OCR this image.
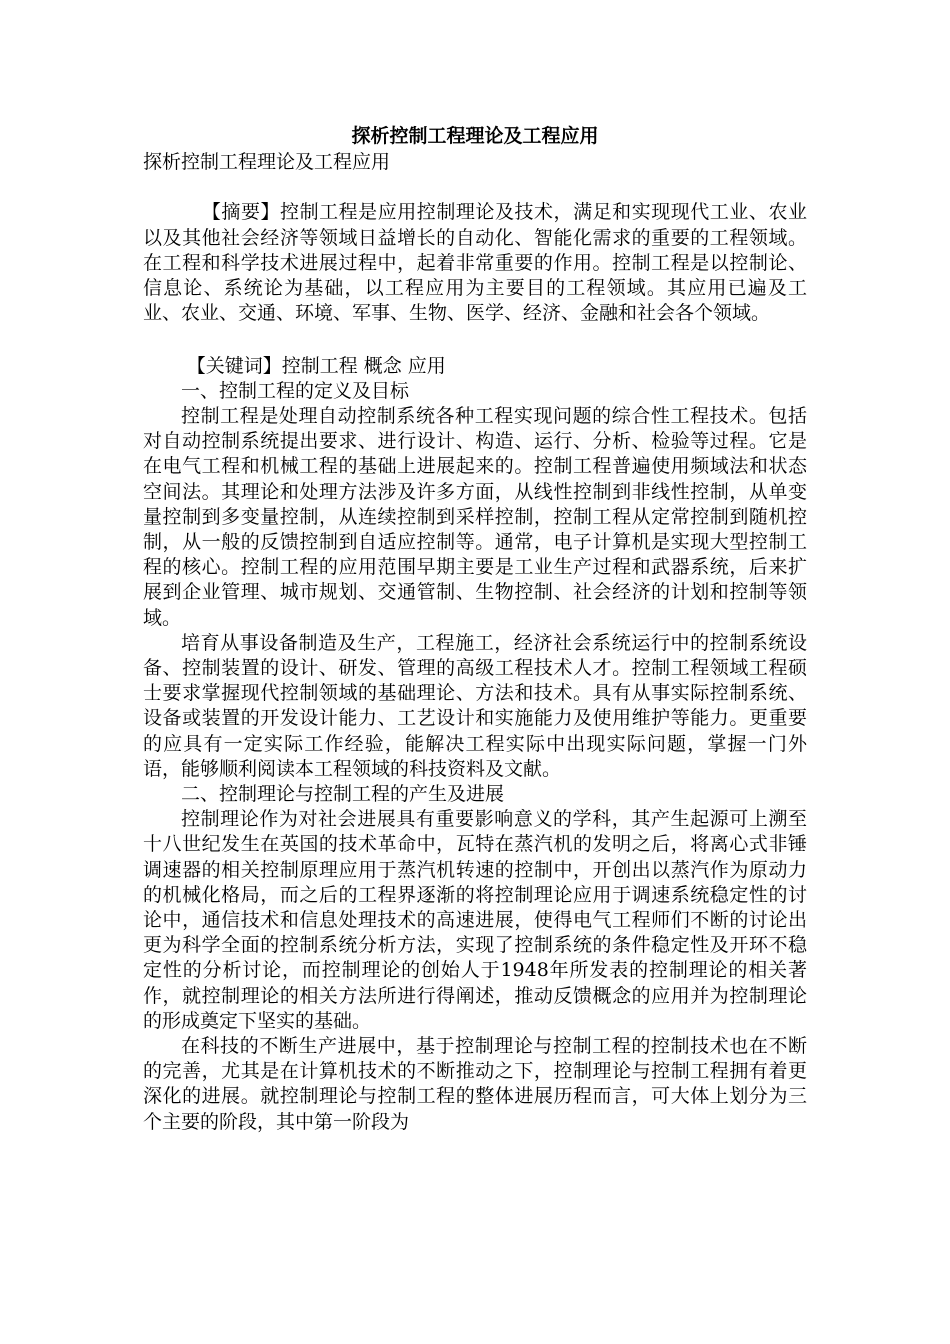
探析控制工程理论及工程应用
探析控制工程理论及工程应用

【摘要】控制工程是应用控制理论及技术，满足和实现现代工业、农业以及其他社会经济等领域日益增长的自动化、智能化需求的重要的工程领域。在工程和科学技术进展过程中，起着非常重要的作用。控制工程是以控制论、信息论、系统论为基础，以工程应用为主要目的工程领域。其应用已遍及工业、农业、交通、环境、军事、生物、医学、经济、金融和社会各个领域。

【关键词】控制工程 概念 应用

一、控制工程的定义及目标

控制工程是处理自动控制系统各种工程实现问题的综合性工程技术。包括对自动控制系统提出要求、进行设计、构造、运行、分析、检验等过程。它是在电气工程和机械工程的基础上进展起来的。控制工程普遍使用频域法和状态空间法。其理论和处理方法涉及许多方面，从线性控制到非线性控制，从单变量控制到多变量控制，从连续控制到采样控制，控制工程从定常控制到随机控制，从一般的反馈控制到自适应控制等。通常，电子计算机是实现大型控制工程的核心。控制工程的应用范围早期主要是工业生产过程和武器系统，后来扩展到企业管理、城市规划、交通管制、生物控制、社会经济的计划和控制等领域。

培育从事设备制造及生产，工程施工，经济社会系统运行中的控制系统设备、控制装置的设计、研发、管理的高级工程技术人才。控制工程领域工程硕士要求掌握现代控制领域的基础理论、方法和技术。具有从事实际控制系统、设备或装置的开发设计能力、工艺设计和实施能力及使用维护等能力。更重要的应具有一定实际工作经验，能解决工程实际中出现实际问题，掌握一门外语，能够顺利阅读本工程领域的科技资料及文献。

二、控制理论与控制工程的产生及进展

控制理论作为对社会进展具有重要影响意义的学科，其产生起源可上溯至十八世纪发生在英国的技术革命中，瓦特在蒸汽机的发明之后，将离心式非锤调速器的相关控制原理应用于蒸汽机转速的控制中，开创出以蒸汽作为原动力的机械化格局，而之后的工程界逐渐的将控制理论应用于调速系统稳定性的讨论中，通信技术和信息处理技术的高速进展，使得电气工程师们不断的讨论出更为科学全面的控制系统分析方法，实现了控制系统的条件稳定性及开环不稳定性的分析讨论，而控制理论的创始人于1948年所发表的控制理论的相关著作，就控制理论的相关方法所进行得阐述，推动反馈概念的应用并为控制理论的形成奠定下坚实的基础。

在科技的不断生产进展中，基于控制理论与控制工程的控制技术也在不断的完善，尤其是在计算机技术的不断推动之下，控制理论与控制工程拥有着更深化的进展。就控制理论与控制工程的整体进展历程而言，可大体上划分为三个主要的阶段，其中第一阶段为
